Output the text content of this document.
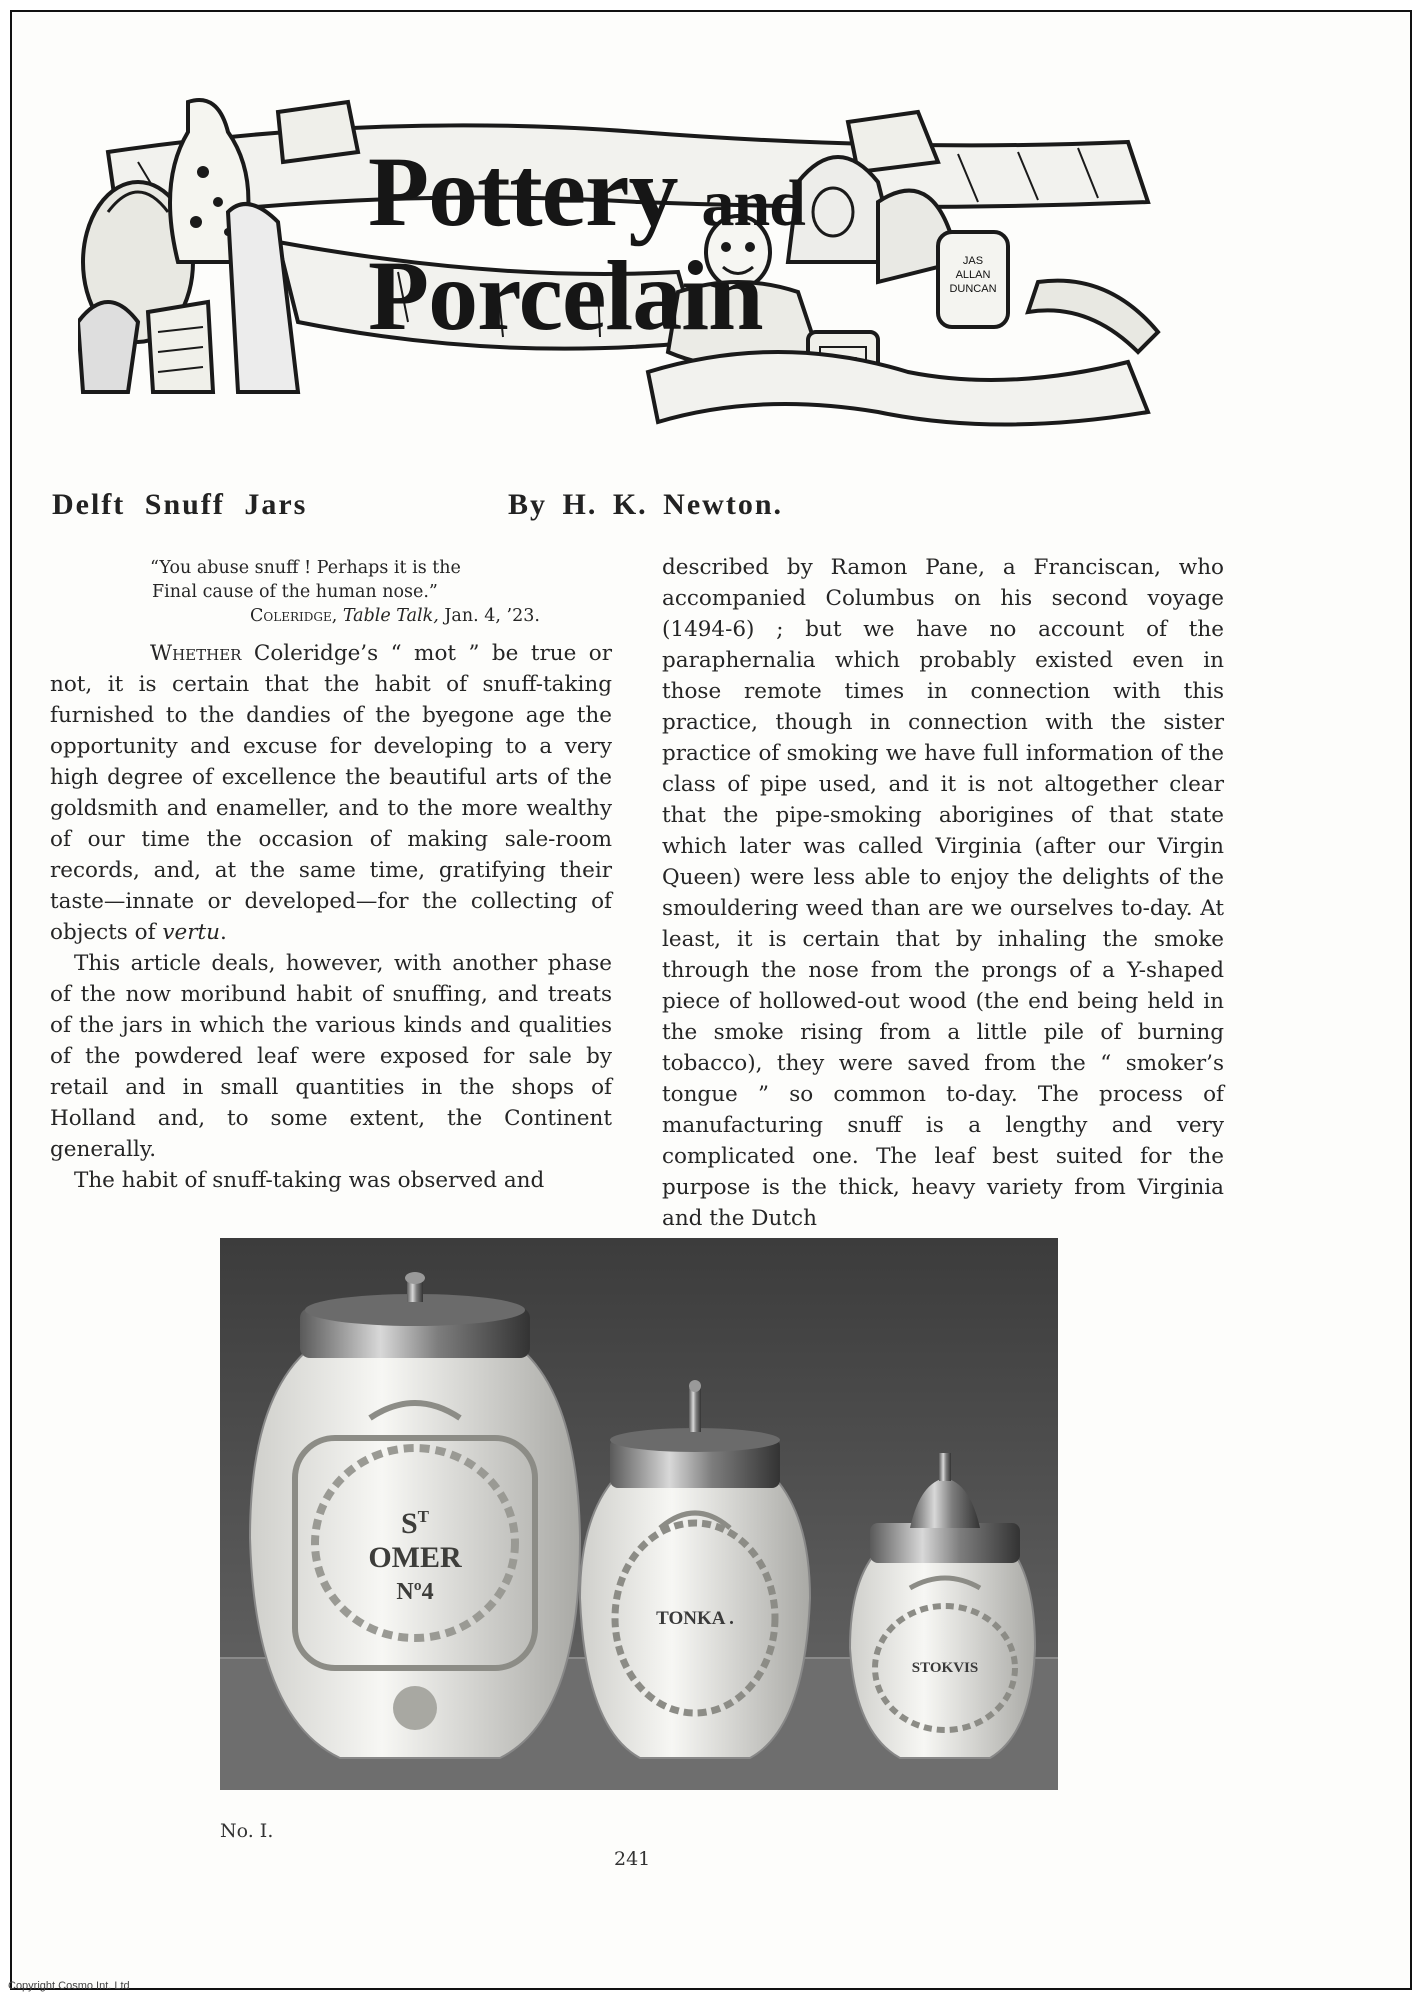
JAS
ALLAN
DUNCAN
Pottery and
Porcelain
Delft Snuff Jars	By H. K. Newton.
“You abuse snuff ! Perhaps it is the
Final cause of the human nose.”
Coleridge, Table Talk, Jan. 4, ’23.

Whether Coleridge’s “ mot ” be true or not, it is certain that the habit of snuff-taking furnished to the dandies of the byegone age the opportunity and excuse for developing to a very high degree of excellence the beautiful arts of the goldsmith and enameller, and to the more wealthy of our time the occasion of making sale-room records, and, at the same time, gratifying their taste—innate or developed—for the collecting of objects of vertu.

This article deals, however, with another phase of the now moribund habit of snuffing, and treats of the jars in which the various kinds and qualities of the powdered leaf were exposed for sale by retail and in small quantities in the shops of Holland and, to some extent, the Continent generally.

The habit of snuff-taking was observed and

described by Ramon Pane, a Franciscan, who accompanied Columbus on his second voyage (1494-6) ; but we have no account of the paraphernalia which probably existed even in those remote times in connection with this practice, though in connection with the sister practice of smoking we have full information of the class of pipe used, and it is not altogether clear that the pipe-smoking aborigines of that state which later was called Virginia (after our Virgin Queen) were less able to enjoy the delights of the smouldering weed than are we ourselves to-day. At least, it is certain that by inhaling the smoke through the nose from the prongs of a Y-shaped piece of hollowed-out wood (the end being held in the smoke rising from a little pile of burning tobacco), they were saved from the “ smoker’s tongue ” so common to-day. The process of manufacturing snuff is a lengthy and very complicated one. The leaf best suited for the purpose is the thick, heavy variety from Virginia and the Dutch

$S^T$
OMER
Nº4
TONKA .
STOKVIS
No. I.
241
Copyright Cosmo Int. Ltd
